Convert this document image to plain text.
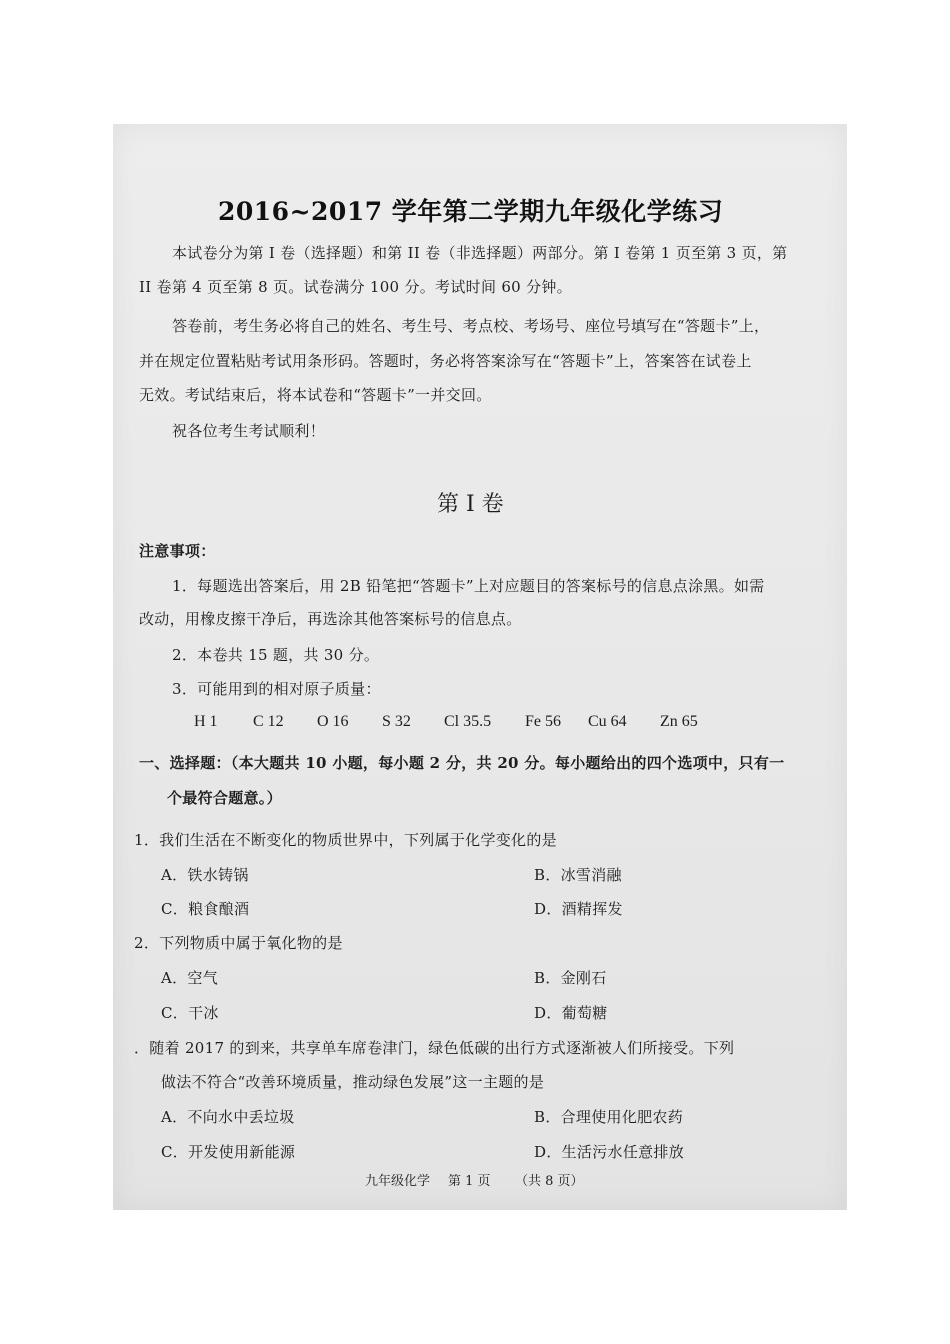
2016~2017 学年第二学期九年级化学练习
本试卷分为第 I 卷（选择题）和第 II 卷（非选择题）两部分。第 I 卷第 1 页至第 3 页，第
II 卷第 4 页至第 8 页。试卷满分 100 分。考试时间 60 分钟。
答卷前，考生务必将自己的姓名、考生号、考点校、考场号、座位号填写在“答题卡”上，
并在规定位置粘贴考试用条形码。答题时，务必将答案涂写在“答题卡”上，答案答在试卷上
无效。考试结束后，将本试卷和“答题卡”一并交回。
祝各位考生考试顺利！
第 I 卷
注意事项：
1．每题选出答案后，用 2B 铅笔把“答题卡”上对应题目的答案标号的信息点涂黑。如需
改动，用橡皮擦干净后，再选涂其他答案标号的信息点。
2．本卷共 15 题，共 30 分。
3．可能用到的相对原子质量：
H 1 C 12 O 16 S 32 Cl 35.5 Fe 56 Cu 64 Zn 65
一、选择题：（本大题共 10 小题，每小题 2 分，共 20 分。每小题给出的四个选项中，只有一
个最符合题意。）
1．我们生活在不断变化的物质世界中，下列属于化学变化的是
A．铁水铸锅	B．冰雪消融
C．粮食酿酒	D．酒精挥发
2．下列物质中属于氧化物的是
A．空气	B．金刚石
C．干冰	D．葡萄糖
．随着 2017 的到来，共享单车席卷津门，绿色低碳的出行方式逐渐被人们所接受。下列
做法不符合“改善环境质量，推动绿色发展”这一主题的是
A．不向水中丢垃圾	B．合理使用化肥农药
C．开发使用新能源	D．生活污水任意排放
九年级化学 第 1 页 （共 8 页）
